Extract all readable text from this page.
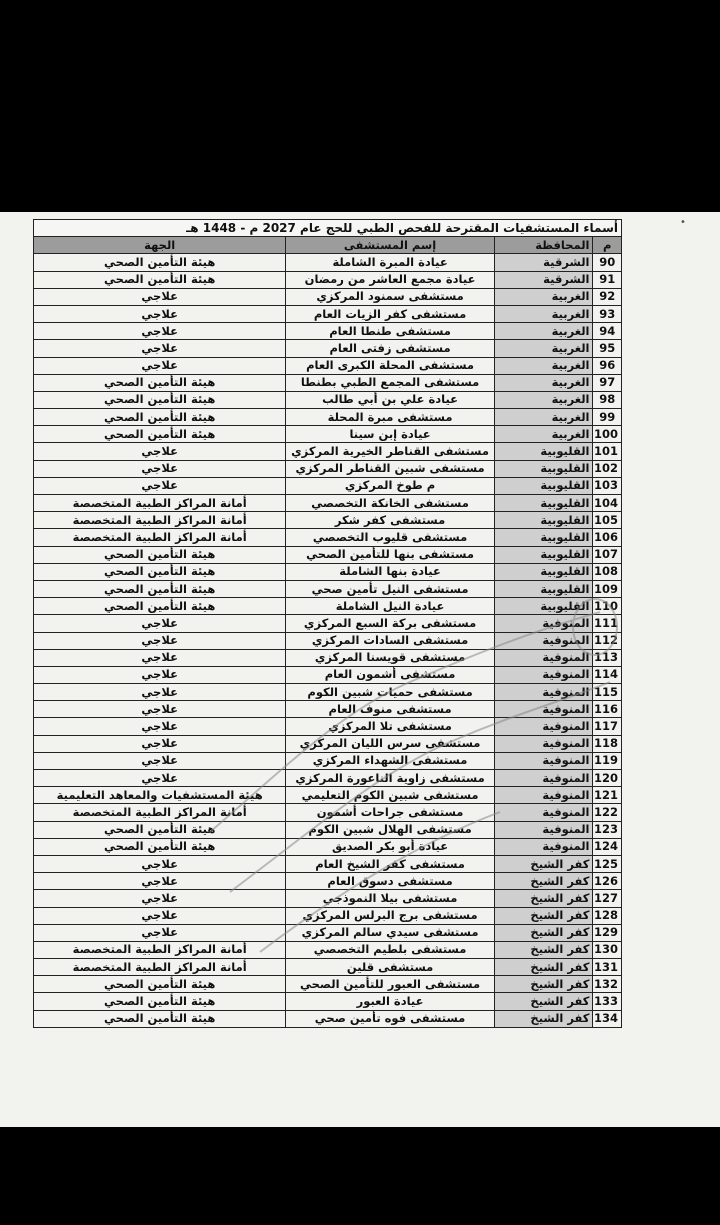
•
أسماء المستشفيات المقترحة للفحص الطبي للحج عام 2027 م - 1448 هـ			
م	المحافظة	إسم المستشفى	الجهة
90	الشرقية	عيادة المبرة الشاملة	هيئة التأمين الصحي
91	الشرقية	عيادة مجمع العاشر من رمضان	هيئة التأمين الصحي
92	الغربية	مستشفى سمنود المركزي	علاجي
93	الغربية	مستشفى كفر الزيات العام	علاجي
94	الغربية	مستشفى طنطا العام	علاجي
95	الغربية	مستشفى زفتى العام	علاجي
96	الغربية	مستشفى المحلة الكبرى العام	علاجي
97	الغربية	مستشفى المجمع الطبي بطنطا	هيئة التأمين الصحي
98	الغربية	عيادة علي بن أبي طالب	هيئة التأمين الصحي
99	الغربية	مستشفى مبرة المحلة	هيئة التأمين الصحي
100	الغربية	عيادة إبن سينا	هيئة التأمين الصحي
101	القليوبية	مستشفى القناطر الخيرية المركزي	علاجي
102	القليوبية	مستشفى شبين القناطر المركزي	علاجي
103	القليوبية	م طوخ المركزي	علاجي
104	القليوبية	مستشفى الخانكة التخصصي	أمانة المراكز الطبية المتخصصة
105	القليوبية	مستشفى كفر شكر	أمانة المراكز الطبية المتخصصة
106	القليوبية	مستشفى قليوب التخصصي	أمانة المراكز الطبية المتخصصة
107	القليوبية	مستشفى بنها للتأمين الصحي	هيئة التأمين الصحي
108	القليوبية	عيادة بنها الشاملة	هيئة التأمين الصحي
109	القليوبية	مستشفى النيل تأمين صحي	هيئة التأمين الصحي
110	القليوبية	عيادة النيل الشاملة	هيئة التأمين الصحي
111	المنوفية	مستشفى بركة السبع المركزي	علاجي
112	المنوفية	مستشفى السادات المركزي	علاجي
113	المنوفية	مستشفى قويسنا المركزي	علاجي
114	المنوفية	مستشفى أشمون العام	علاجي
115	المنوفية	مستشفى حميات شبين الكوم	علاجي
116	المنوفية	مستشفى منوف العام	علاجي
117	المنوفية	مستشفى تلا المركزي	علاجي
118	المنوفية	مستشفى سرس الليان المركزي	علاجي
119	المنوفية	مستشفى الشهداء المركزي	علاجي
120	المنوفية	مستشفى زاوية الناعورة المركزي	علاجي
121	المنوفية	مستشفى شبين الكوم التعليمي	هيئة المستشفيات والمعاهد التعليمية
122	المنوفية	مستشفى جراحات أشمون	أمانة المراكز الطبية المتخصصة
123	المنوفية	مستشفى الهلال شبين الكوم	هيئة التأمين الصحي
124	المنوفية	عيادة أبو بكر الصديق	هيئة التأمين الصحي
125	كفر الشيخ	مستشفى كفر الشيخ العام	علاجي
126	كفر الشيخ	مستشفى دسوق العام	علاجي
127	كفر الشيخ	مستشفى بيلا النموذجي	علاجي
128	كفر الشيخ	مستشفى برج البرلس المركزي	علاجي
129	كفر الشيخ	مستشفى سيدي سالم المركزي	علاجي
130	كفر الشيخ	مستشفى بلطيم التخصصي	أمانة المراكز الطبية المتخصصة
131	كفر الشيخ	مستشفى قلين	أمانة المراكز الطبية المتخصصة
132	كفر الشيخ	مستشفى العبور للتأمين الصحي	هيئة التأمين الصحي
133	كفر الشيخ	عيادة العبور	هيئة التأمين الصحي
134	كفر الشيخ	مستشفى فوه تأمين صحي	هيئة التأمين الصحي
